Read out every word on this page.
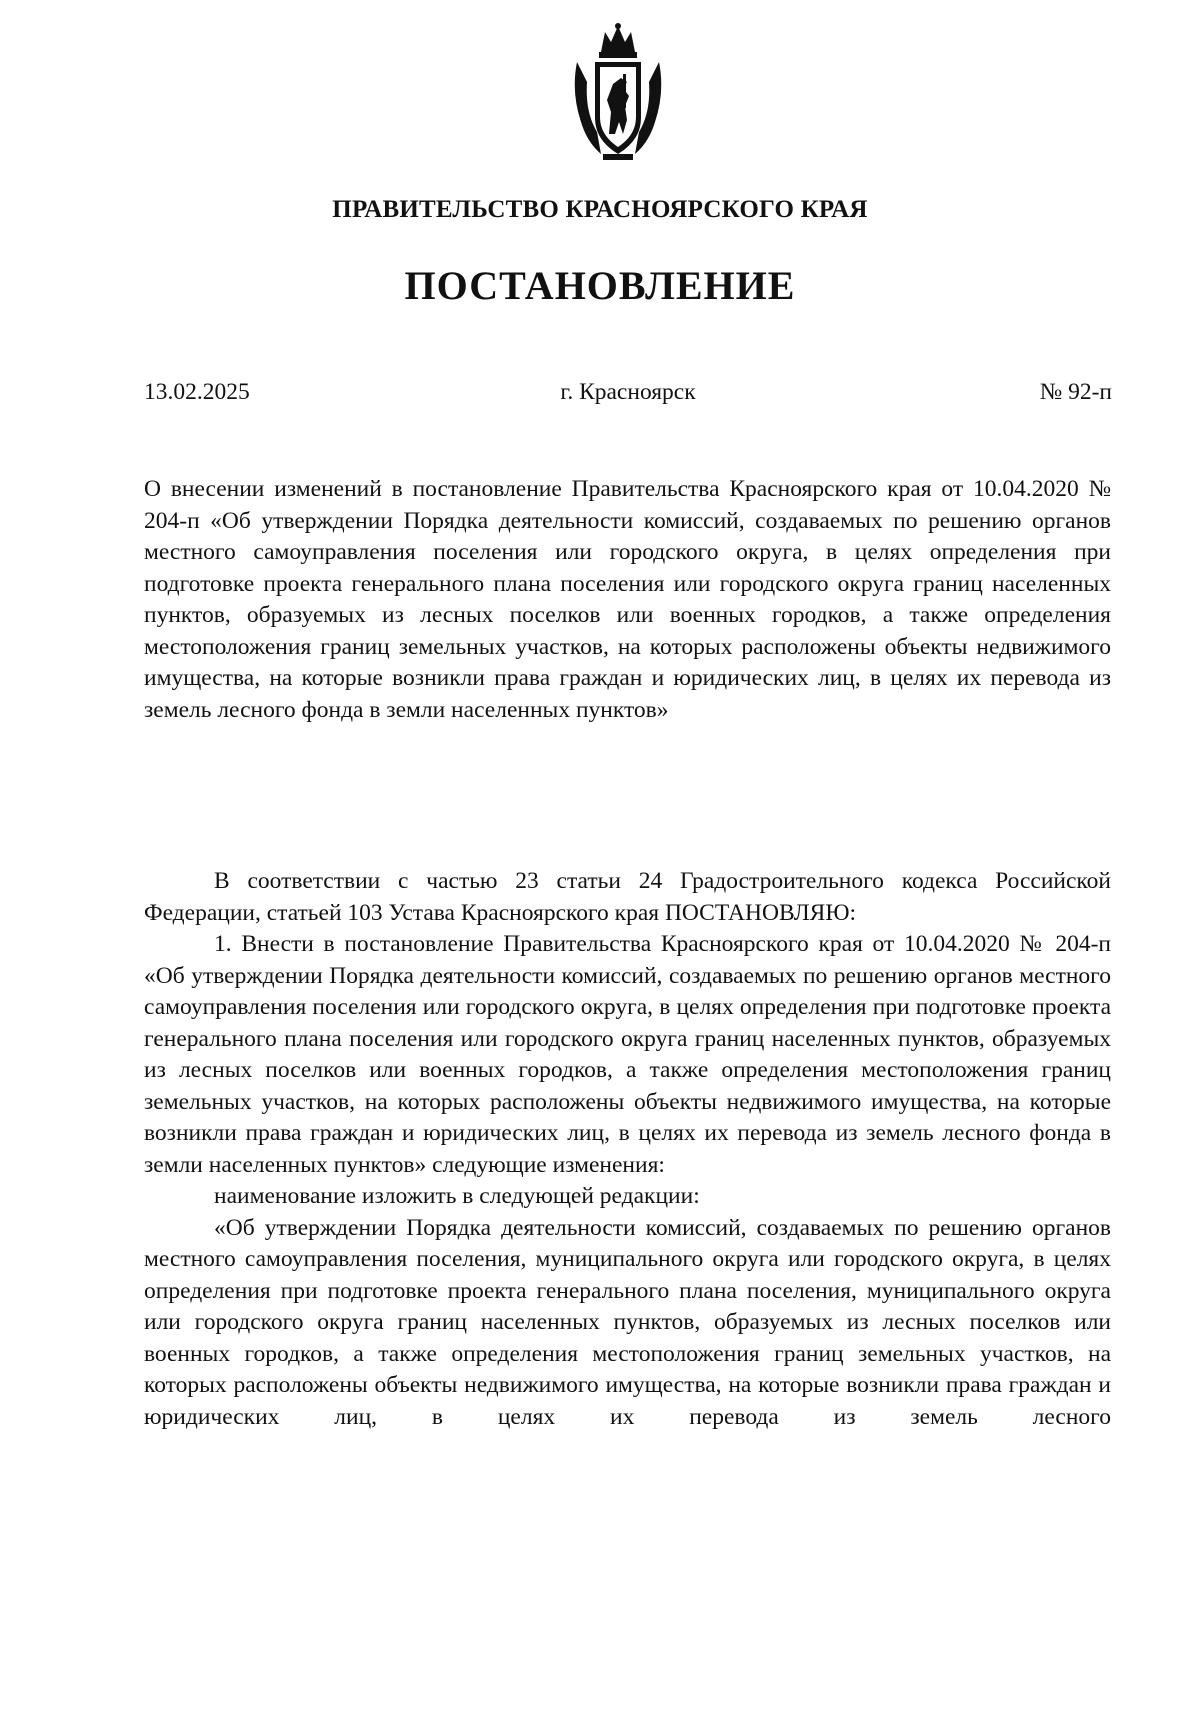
ПРАВИТЕЛЬСТВО КРАСНОЯРСКОГО КРАЯ
ПОСТАНОВЛЕНИЕ
13.02.2025	г. Красноярск	№ 92-п

О внесении изменений в постановление Правительства Красноярского края от 10.04.2020 № 204-п «Об утверждении Порядка деятельности комиссий, создаваемых по решению органов местного самоуправления поселения или городского округа, в целях определения при подготовке проекта генерального плана поселения или городского округа границ населенных пунктов, образуемых из лесных поселков или военных городков, а также определения местоположения границ земельных участков, на которых расположены объекты недвижимого имущества, на которые возникли права граждан и юридических лиц, в целях их перевода из земель лесного фонда в земли населенных пунктов»

В соответствии с частью 23 статьи 24 Градостроительного кодекса Российской Федерации, статьей 103 Устава Красноярского края ПОСТАНОВЛЯЮ:

1. Внести в постановление Правительства Красноярского края от 10.04.2020 № 204-п «Об утверждении Порядка деятельности комиссий, создаваемых по решению органов местного самоуправления поселения или городского округа, в целях определения при подготовке проекта генерального плана поселения или городского округа границ населенных пунктов, образуемых из лесных поселков или военных городков, а также определения местоположения границ земельных участков, на которых расположены объекты недвижимого имущества, на которые возникли права граждан и юридических лиц, в целях их перевода из земель лесного фонда в земли населенных пунктов» следующие изменения:

наименование изложить в следующей редакции:

«Об утверждении Порядка деятельности комиссий, создаваемых по решению органов местного самоуправления поселения, муниципального округа или городского округа, в целях определения при подготовке проекта генерального плана поселения, муниципального округа или городского округа границ населенных пунктов, образуемых из лесных поселков или военных городков, а также определения местоположения границ земельных участков, на которых расположены объекты недвижимого имущества, на которые возникли права граждан и юридических лиц, в целях их перевода из земель лесного
